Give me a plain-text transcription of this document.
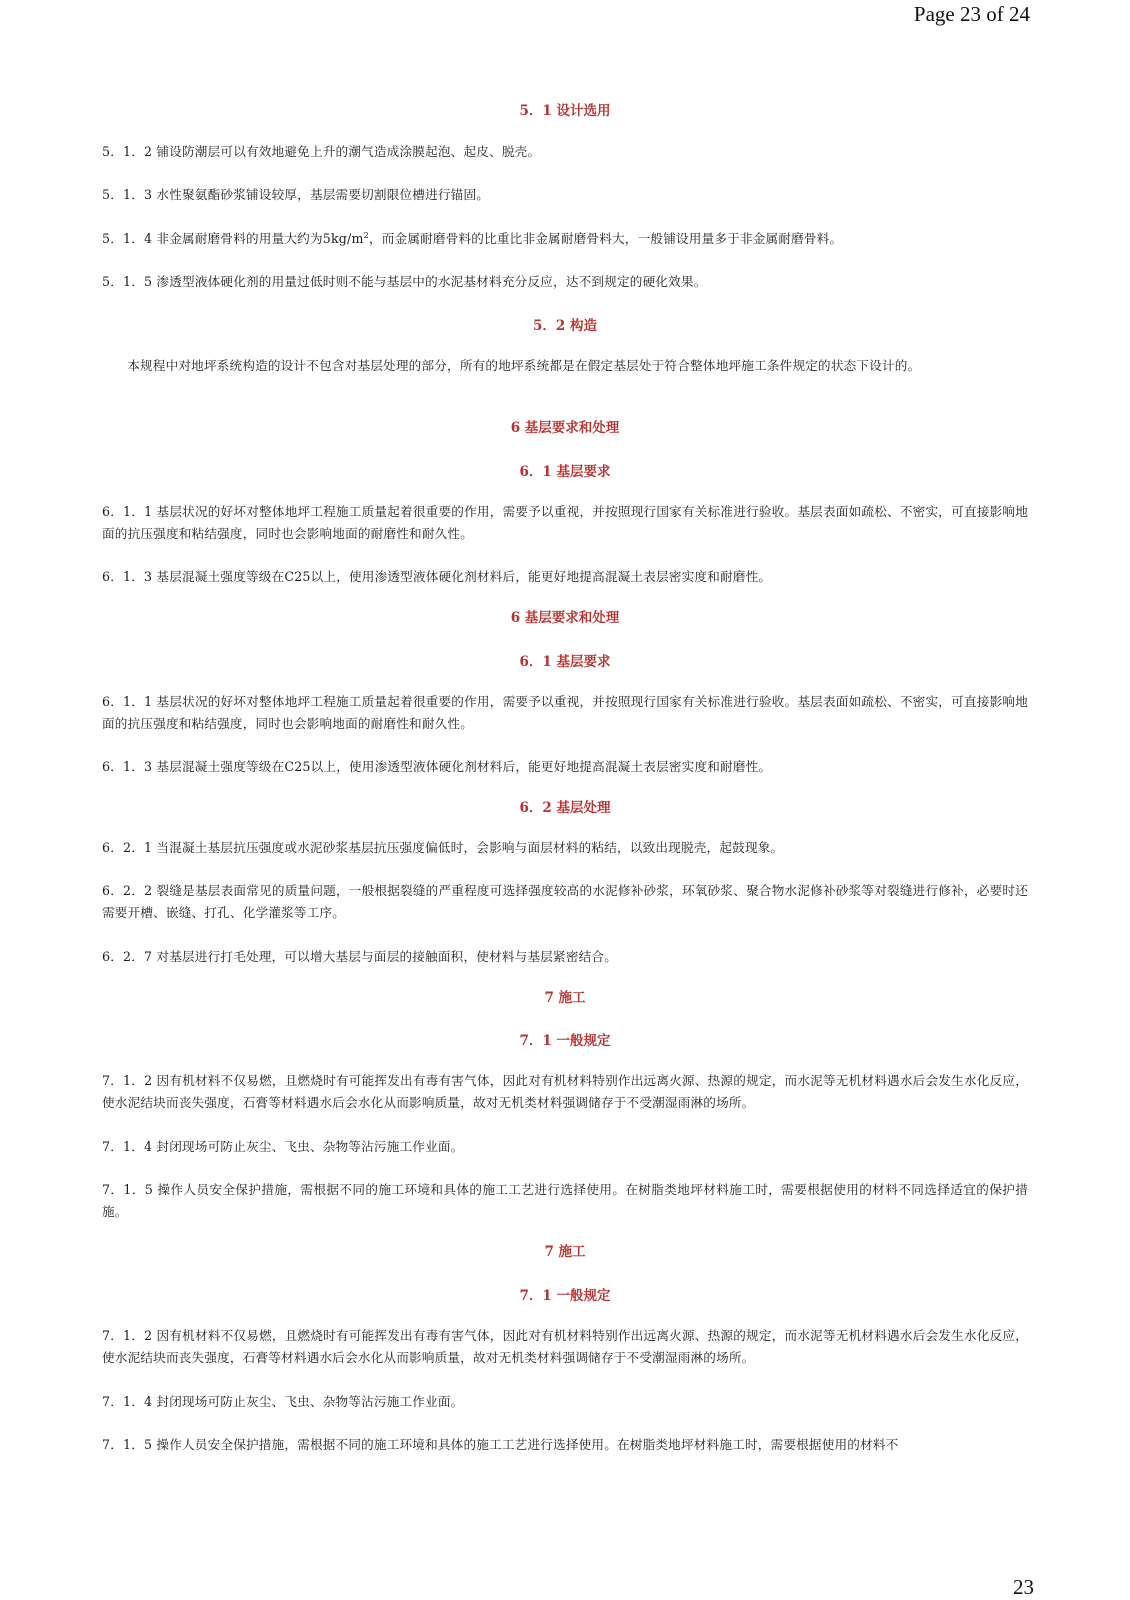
Page 23 of 24
5．1 设计选用

5．1．2 铺设防潮层可以有效地避免上升的潮气造成涂膜起泡、起皮、脱壳。

5．1．3 水性聚氨酯砂浆铺设较厚，基层需要切割限位槽进行锚固。

5．1．4 非金属耐磨骨料的用量大约为$5kg/m^2$，而金属耐磨骨料的比重比非金属耐磨骨料大，一般铺设用量多于非金属耐磨骨料。

5．1．5 渗透型液体硬化剂的用量过低时则不能与基层中的水泥基材料充分反应，达不到规定的硬化效果。

5．2 构造

本规程中对地坪系统构造的设计不包含对基层处理的部分，所有的地坪系统都是在假定基层处于符合整体地坪施工条件规定的状态下设计的。

6 基层要求和处理
6．1 基层要求

6．1．1 基层状况的好坏对整体地坪工程施工质量起着很重要的作用，需要予以重视，并按照现行国家有关标准进行验收。基层表面如疏松、不密实，可直接影响地面的抗压强度和粘结强度，同时也会影响地面的耐磨性和耐久性。

6．1．3 基层混凝土强度等级在C25以上，使用渗透型液体硬化剂材料后，能更好地提高混凝土表层密实度和耐磨性。

6 基层要求和处理
6．1 基层要求

6．1．1 基层状况的好坏对整体地坪工程施工质量起着很重要的作用，需要予以重视，并按照现行国家有关标准进行验收。基层表面如疏松、不密实，可直接影响地面的抗压强度和粘结强度，同时也会影响地面的耐磨性和耐久性。

6．1．3 基层混凝土强度等级在C25以上，使用渗透型液体硬化剂材料后，能更好地提高混凝土表层密实度和耐磨性。

6．2 基层处理

6．2．1 当混凝土基层抗压强度或水泥砂浆基层抗压强度偏低时，会影响与面层材料的粘结，以致出现脱壳，起鼓现象。

6．2．2 裂缝是基层表面常见的质量问题，一般根据裂缝的严重程度可选择强度较高的水泥修补砂浆，环氧砂浆、聚合物水泥修补砂浆等对裂缝进行修补，必要时还需要开槽、嵌缝、打孔、化学灌浆等工序。

6．2．7 对基层进行打毛处理，可以增大基层与面层的接触面积，使材料与基层紧密结合。

7 施工
7．1 一般规定

7．1．2 因有机材料不仅易燃，且燃烧时有可能挥发出有毒有害气体，因此对有机材料特别作出远离火源、热源的规定，而水泥等无机材料遇水后会发生水化反应，使水泥结块而丧失强度，石膏等材料遇水后会水化从而影响质量，故对无机类材料强调储存于不受潮湿雨淋的场所。

7．1．4 封闭现场可防止灰尘、飞虫、杂物等沾污施工作业面。

7．1．5 操作人员安全保护措施，需根据不同的施工环境和具体的施工工艺进行选择使用。在树脂类地坪材料施工时，需要根据使用的材料不同选择适宜的保护措施。

7 施工
7．1 一般规定

7．1．2 因有机材料不仅易燃，且燃烧时有可能挥发出有毒有害气体，因此对有机材料特别作出远离火源、热源的规定，而水泥等无机材料遇水后会发生水化反应，使水泥结块而丧失强度，石膏等材料遇水后会水化从而影响质量，故对无机类材料强调储存于不受潮湿雨淋的场所。

7．1．4 封闭现场可防止灰尘、飞虫、杂物等沾污施工作业面。

7．1．5 操作人员安全保护措施，需根据不同的施工环境和具体的施工工艺进行选择使用。在树脂类地坪材料施工时，需要根据使用的材料不

23
